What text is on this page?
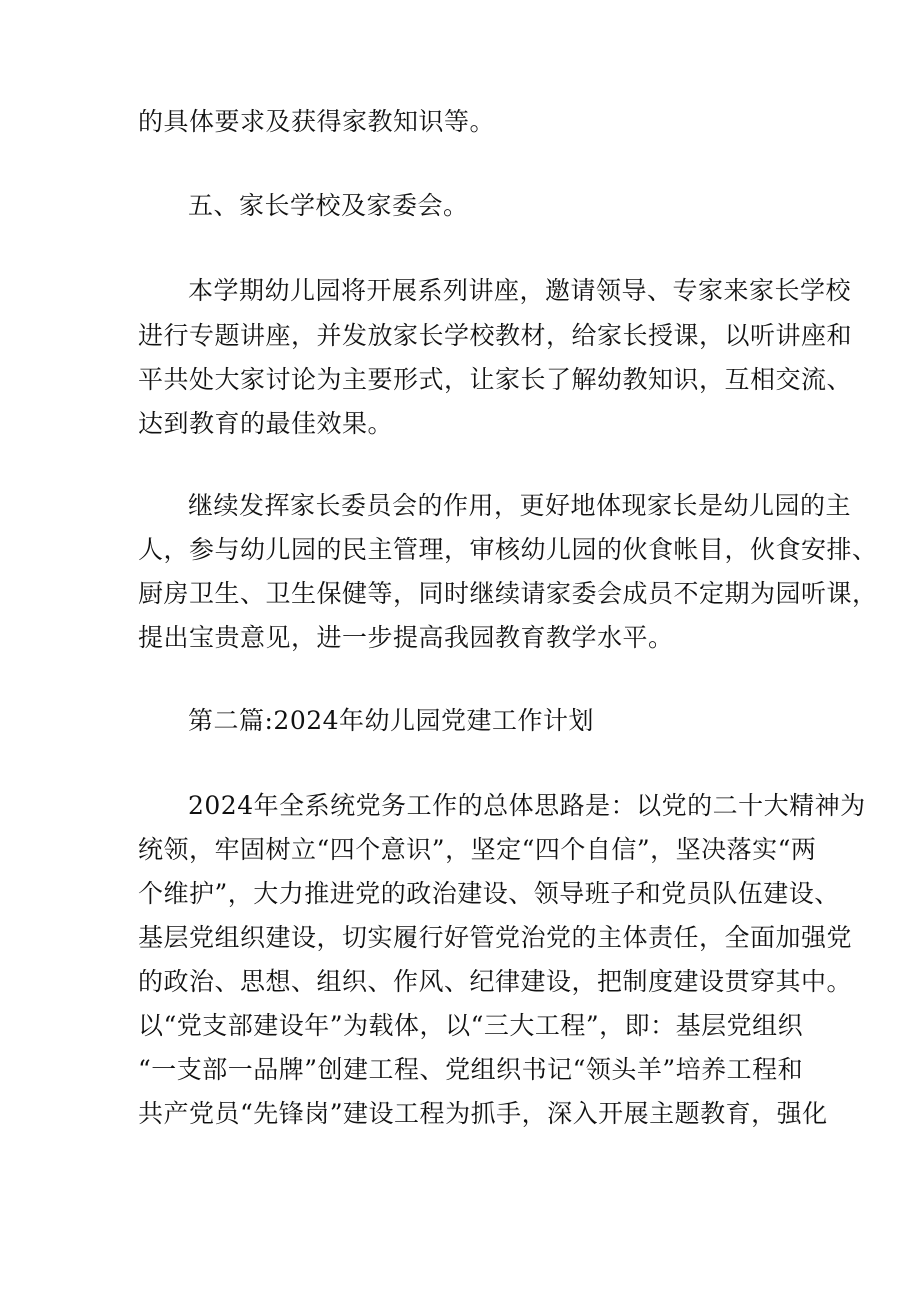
的具体要求及获得家教知识等。
五、家长学校及家委会。
本学期幼儿园将开展系列讲座，邀请领导、专家来家长学校
进行专题讲座，并发放家长学校教材，给家长授课，以听讲座和
平共处大家讨论为主要形式，让家长了解幼教知识，互相交流、
达到教育的最佳效果。
继续发挥家长委员会的作用，更好地体现家长是幼儿园的主
人，参与幼儿园的民主管理，审核幼儿园的伙食帐目，伙食安排、
厨房卫生、卫生保健等，同时继续请家委会成员不定期为园听课，
提出宝贵意见，进一步提高我园教育教学水平。
第二篇:2024年幼儿园党建工作计划
2024年全系统党务工作的总体思路是：以党的二十大精神为
统领，牢固树立“四个意识”，坚定“四个自信”，坚决落实“两
个维护”，大力推进党的政治建设、领导班子和党员队伍建设、
基层党组织建设，切实履行好管党治党的主体责任，全面加强党
的政治、思想、组织、作风、纪律建设，把制度建设贯穿其中。
以“党支部建设年”为载体，以“三大工程”，即：基层党组织
“一支部一品牌”创建工程、党组织书记“领头羊”培养工程和
共产党员“先锋岗”建设工程为抓手，深入开展主题教育，强化
